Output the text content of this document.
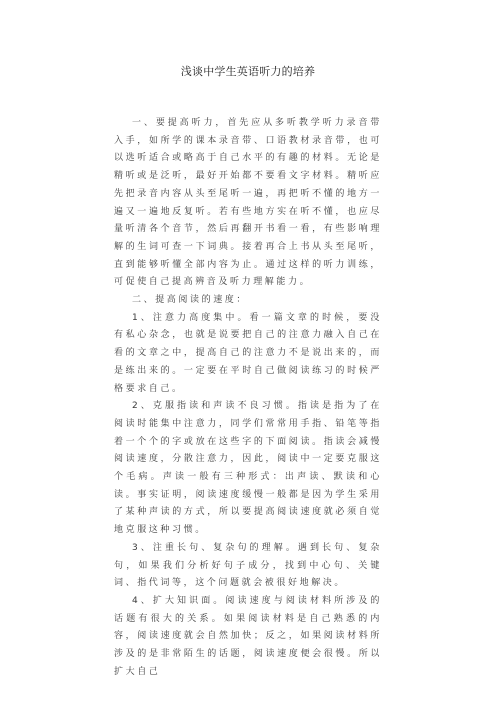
浅谈中学生英语听力的培养

一、要提高听力，首先应从多听教学听力录音带入手，如所学的课本录音带、口语教材录音带，也可以选听适合或略高于自己水平的有趣的材料。无论是精听或是泛听，最好开始都不要看文字材料。精听应先把录音内容从头至尾听一遍，再把听不懂的地方一遍又一遍地反复听。若有些地方实在听不懂，也应尽量听清各个音节，然后再翻开书看一看，有些影响理解的生词可查一下词典。接着再合上书从头至尾听，直到能够听懂全部内容为止。通过这样的听力训练，可促使自己提高辨音及听力理解能力。

二、提高阅读的速度：

1、注意力高度集中。看一篇文章的时候，要没有私心杂念，也就是说要把自己的注意力融入自己在看的文章之中，提高自己的注意力不是说出来的，而是练出来的。一定要在平时自己做阅读练习的时候严格要求自己。

2、克服指读和声读不良习惯。指读是指为了在阅读时能集中注意力，同学们常常用手指、铅笔等指着一个个的字或放在这些字的下面阅读。指读会减慢阅读速度，分散注意力，因此，阅读中一定要克服这个毛病。声读一般有三种形式：出声读、默读和心读。事实证明，阅读速度缓慢一般都是因为学生采用了某种声读的方式，所以要提高阅读速度就必须自觉地克服这种习惯。

3、注重长句、复杂句的理解。遇到长句、复杂句，如果我们分析好句子成分，找到中心句、关键词、指代词等，这个问题就会被很好地解决。

4、扩大知识面。阅读速度与阅读材料所涉及的话题有很大的关系。如果阅读材料是自己熟悉的内容，阅读速度就会自然加快；反之，如果阅读材料所涉及的是非常陌生的话题，阅读速度便会很慢。所以扩大自己
